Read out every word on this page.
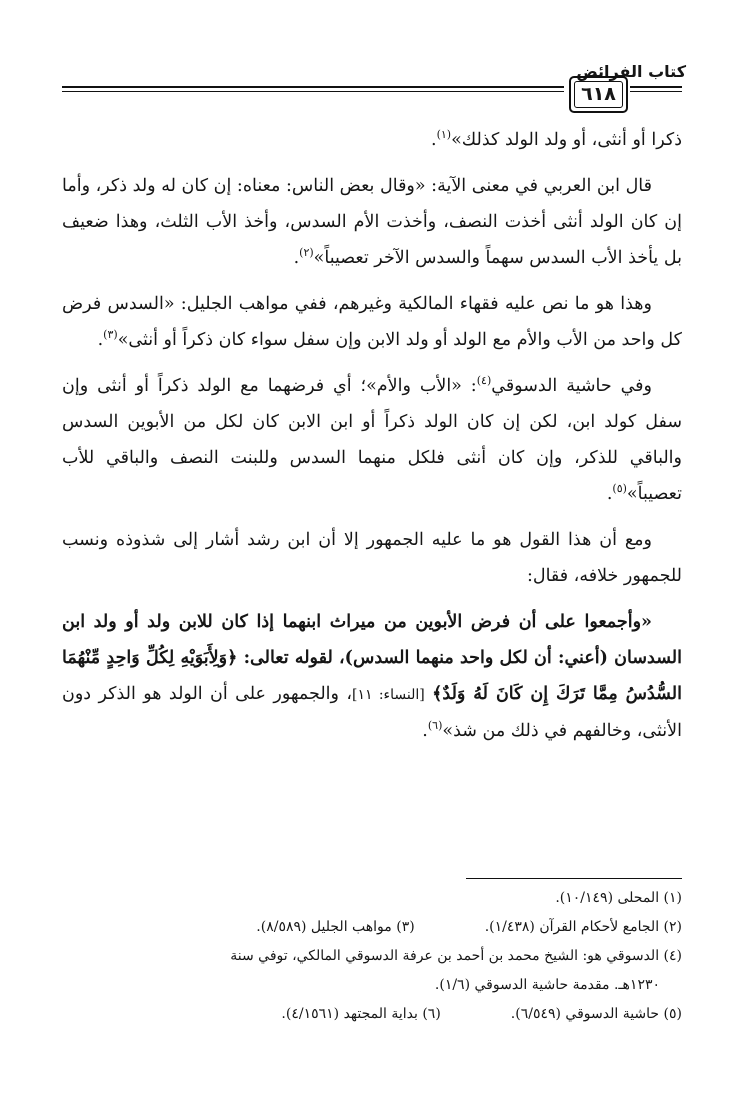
كتاب الفرائض
٦١٨

ذكرا أو أنثى، أو ولد الولد كذلك»$^{(١)}$.

قال ابن العربي في معنى الآية: «وقال بعض الناس: معناه: إن كان له ولد ذكر، وأما إن كان الولد أنثى أخذت النصف، وأخذت الأم السدس، وأخذ الأب الثلث، وهذا ضعيف بل يأخذ الأب السدس سهماً والسدس الآخر تعصيباً»$^{(٢)}$.

وهذا هو ما نص عليه فقهاء المالكية وغيرهم، ففي مواهب الجليل: «السدس فرض كل واحد من الأب والأم مع الولد أو ولد الابن وإن سفل سواء كان ذكراً أو أنثى»$^{(٣)}$.

وفي حاشية الدسوقي$^{(٤)}$: «الأب والأم»؛ أي فرضهما مع الولد ذكراً أو أنثى وإن سفل كولد ابن، لكن إن كان الولد ذكراً أو ابن الابن كان لكل من الأبوين السدس والباقي للذكر، وإن كان أنثى فلكل منهما السدس وللبنت النصف والباقي للأب تعصيباً»$^{(٥)}$.

ومع أن هذا القول هو ما عليه الجمهور إلا أن ابن رشد أشار إلى شذوذه ونسب للجمهور خلافه، فقال:

«وأجمعوا على أن فرض الأبوين من ميراث ابنهما إذا كان للابن ولد أو ولد ابن السدسان (أعني: أن لكل واحد منهما السدس)، لقوله تعالى: ﴿وَلِأَبَوَيْهِ لِكُلِّ وَاحِدٍ مِّنْهُمَا السُّدُسُ مِمَّا تَرَكَ إِن كَانَ لَهُ وَلَدٌ﴾ [النساء: ١١]، والجمهور على أن الولد هو الذكر دون الأنثى، وخالفهم في ذلك من شذ»$^{(٦)}$.

(١) المحلى (١٠/١٤٩).
(٢) الجامع لأحكام القرآن (١/٤٣٨).(٣) مواهب الجليل (٨/٥٨٩).
(٤) الدسوقي هو: الشيخ محمد بن أحمد بن عرفة الدسوقي المالكي، توفي سنة
١٢٣٠هـ. مقدمة حاشية الدسوقي (١/٦).
(٥) حاشية الدسوقي (٦/٥٤٩).(٦) بداية المجتهد (٤/١٥٦١).
